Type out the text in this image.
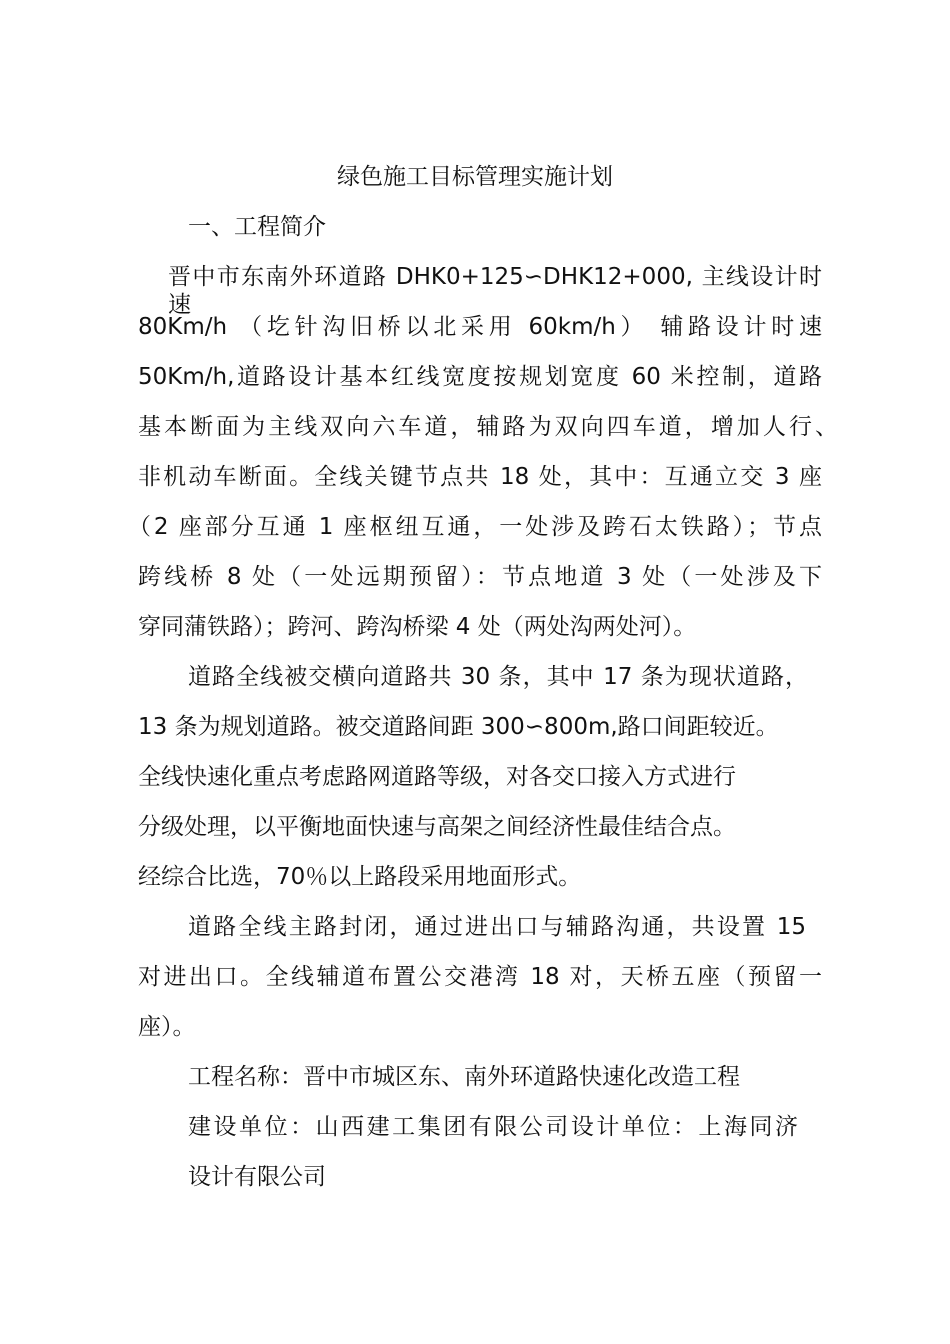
绿色施工目标管理实施计划
一、工程简介
晋中市东南外环道路 DHK0+125∽DHK12+000, 主线设计时速
80Km/h （圪针沟旧桥以北采用 60km/h） 辅路设计时速
50Km/h,道路设计基本红线宽度按规划宽度 60 米控制，道路
基本断面为主线双向六车道，辅路为双向四车道，增加人行、
非机动车断面。全线关键节点共 18 处，其中：互通立交 3 座
（2 座部分互通 1 座枢纽互通，一处涉及跨石太铁路）；节点
跨线桥 8 处（一处远期预留）：节点地道 3 处（一处涉及下
穿同蒲铁路）；跨河、跨沟桥梁 4 处（两处沟两处河）。
道路全线被交横向道路共 30 条，其中 17 条为现状道路，
13 条为规划道路。被交道路间距 300∽800m,路口间距较近。
全线快速化重点考虑路网道路等级，对各交口接入方式进行
分级处理，以平衡地面快速与高架之间经济性最佳结合点。
经综合比选，70％以上路段采用地面形式。
道路全线主路封闭，通过进出口与辅路沟通，共设置 15
对进出口。全线辅道布置公交港湾 18 对，天桥五座（预留一
座）。
工程名称：晋中市城区东、南外环道路快速化改造工程
建设单位：山西建工集团有限公司设计单位：上海同济
设计有限公司
